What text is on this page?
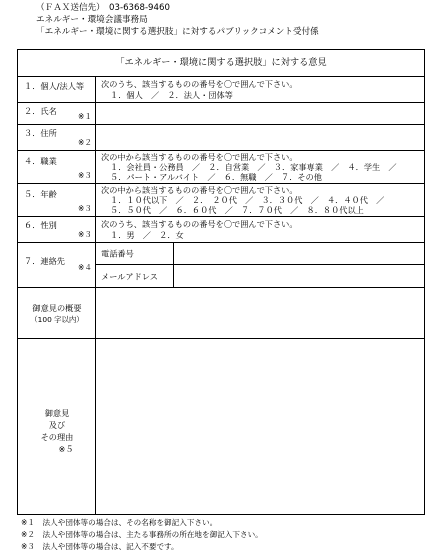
（ＦＡＸ送信先）　03-6368-9460
エネルギー・環境会議事務局
「エネルギー・環境に関する選択肢」に対するパブリックコメント受付係
「エネルギー・環境に関する選択肢」に対する意見
１．個人/法人等 次のうち、該当するものの番号を〇で囲んで下さい。
１．個人　／　２．法人・団体等
２．氏名
※１
３．住所
※２
４．職業
※３
次の中から該当するものの番号を〇で囲んで下さい。
１．会社員・公務員　／　２．自営業　／　３．家事専業　／　４．学生　／
５．パート・アルバイト　／　６．無職　／　７．その他
５．年齢
※３
次の中から該当するものの番号を〇で囲んで下さい。
１．１０代以下　／　２．　２０代　／　３．３０代　／　４．４０代　／
５．５０代　／　６．６０代　／　７．７０代　／　８．８０代以上
６．性別
※３
次のうち、該当するものの番号を〇で囲んで下さい。
１．男　／　２．女
７．連絡先
※４
電話番号
メールアドレス
御意見の概要
（100 字以内）
御意見
及び
その理由
※５
※１　法人や団体等の場合は、その名称を御記入下さい。
※２　法人や団体等の場合は、主たる事務所の所在地を御記入下さい。
※３　法人や団体等の場合は、記入不要です。
